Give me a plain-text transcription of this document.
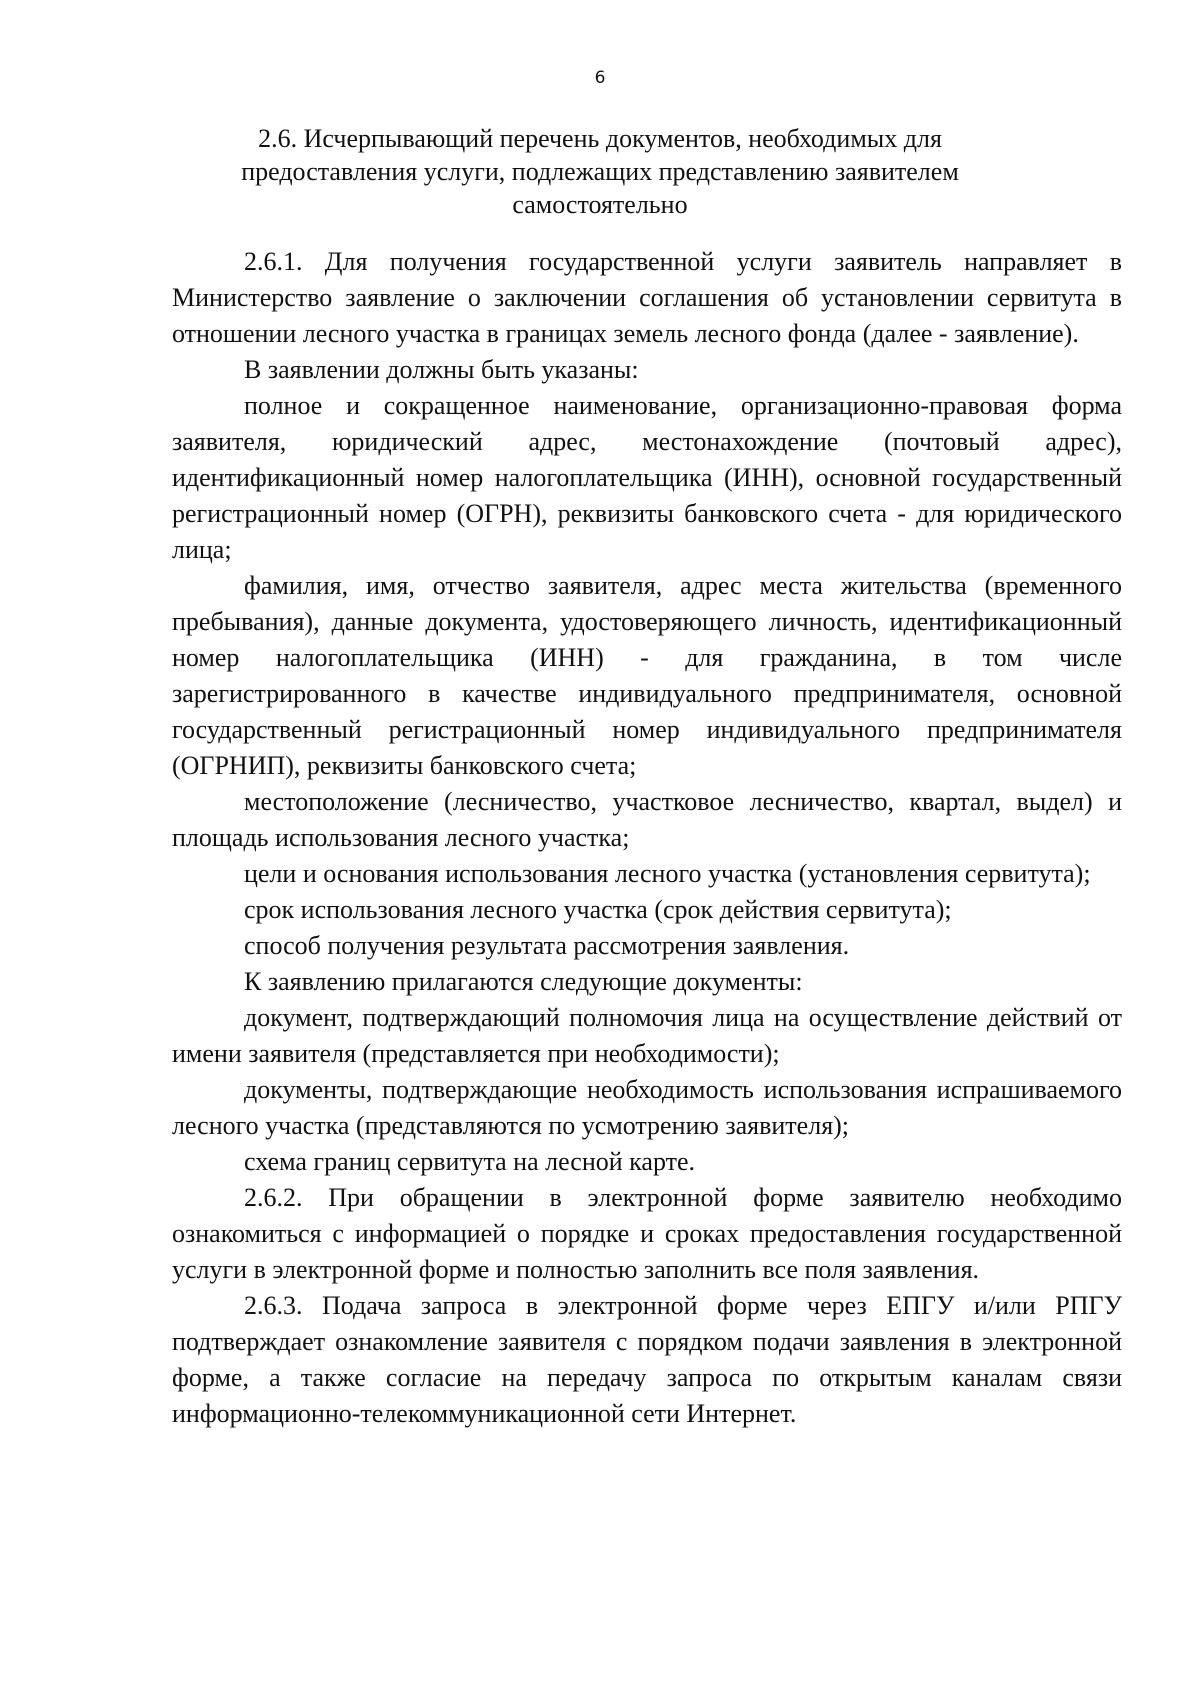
6
2.6. Исчерпывающий перечень документов, необходимых для предоставления услуги, подлежащих представлению заявителем самостоятельно

2.6.1. Для получения государственной услуги заявитель направляет в Министерство заявление о заключении соглашения об установлении сервитута в отношении лесного участка в границах земель лесного фонда (далее - заявление).

В заявлении должны быть указаны:

полное и сокращенное наименование, организационно-правовая форма заявителя, юридический адрес, местонахождение (почтовый адрес), идентификационный номер налогоплательщика (ИНН), основной государственный регистрационный номер (ОГРН), реквизиты банковского счета - для юридического лица;

фамилия, имя, отчество заявителя, адрес места жительства (временного пребывания), данные документа, удостоверяющего личность, идентификационный номер налогоплательщика (ИНН) - для гражданина, в том числе зарегистрированного в качестве индивидуального предпринимателя, основной государственный регистрационный номер индивидуального предпринимателя (ОГРНИП), реквизиты банковского счета;

местоположение (лесничество, участковое лесничество, квартал, выдел) и площадь использования лесного участка;

цели и основания использования лесного участка (установления сервитута);

срок использования лесного участка (срок действия сервитута);

способ получения результата рассмотрения заявления.

К заявлению прилагаются следующие документы:

документ, подтверждающий полномочия лица на осуществление действий от имени заявителя (представляется при необходимости);

документы, подтверждающие необходимость использования испрашиваемого лесного участка (представляются по усмотрению заявителя);

схема границ сервитута на лесной карте.

2.6.2. При обращении в электронной форме заявителю необходимо ознакомиться с информацией о порядке и сроках предоставления государственной услуги в электронной форме и полностью заполнить все поля заявления.

2.6.3. Подача запроса в электронной форме через ЕПГУ и/или РПГУ подтверждает ознакомление заявителя с порядком подачи заявления в электронной форме, а также согласие на передачу запроса по открытым каналам связи информационно-телекоммуникационной сети Интернет.
